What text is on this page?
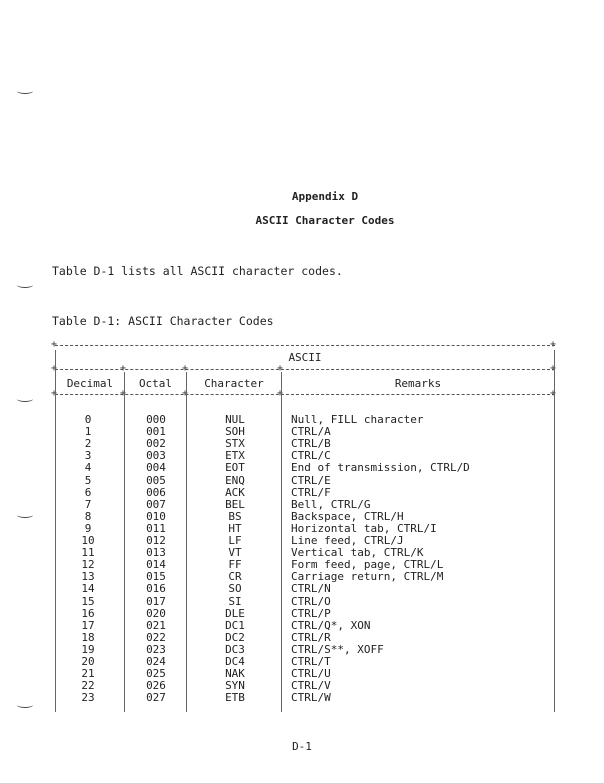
Appendix D
ASCII Character Codes
Table D-1 lists all ASCII character codes.
Table D-1: ASCII Character Codes
+	+
+	+	+	+	+
+	+	+	+	+
ASCII
Decimal	Octal	Character	Remarks
0	000	NUL	Null, FILL character
1	001	SOH	CTRL/A
2	002	STX	CTRL/B
3	003	ETX	CTRL/C
4	004	EOT	End of transmission, CTRL/D
5	005	ENQ	CTRL/E
6	006	ACK	CTRL/F
7	007	BEL	Bell, CTRL/G
8	010	BS	Backspace, CTRL/H
9	011	HT	Horizontal tab, CTRL/I
10	012	LF	Line feed, CTRL/J
11	013	VT	Vertical tab, CTRL/K
12	014	FF	Form feed, page, CTRL/L
13	015	CR	Carriage return, CTRL/M
14	016	SO	CTRL/N
15	017	SI	CTRL/O
16	020	DLE	CTRL/P
17	021	DC1	CTRL/Q*, XON
18	022	DC2	CTRL/R
19	023	DC3	CTRL/S**, XOFF
20	024	DC4	CTRL/T
21	025	NAK	CTRL/U
22	026	SYN	CTRL/V
23	027	ETB	CTRL/W
D-1
